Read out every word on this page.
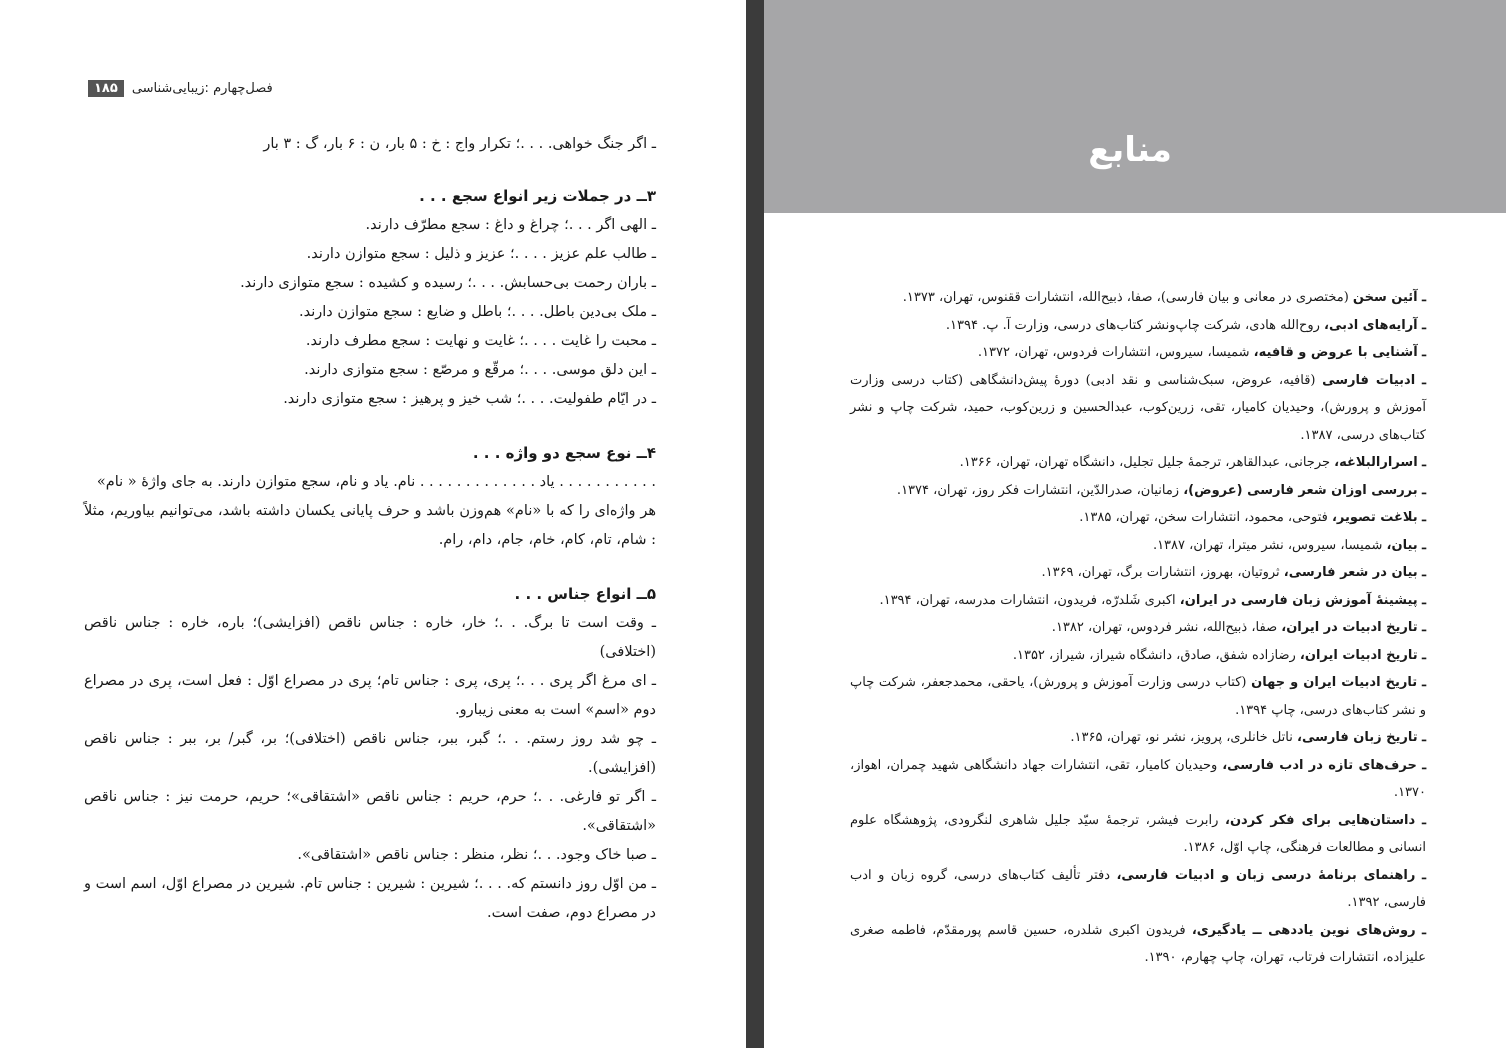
۱۸۵	فصل‌چهارم :زیبایی‌شناسی
ـ اگر جنگ خواهی. . . .؛ تکرار واج : خ : ۵ بار، ن : ۶ بار، گ : ۳ بار
۳ــ در جملات زیر انواع سجع . . .
ـ الهی اگر . . .؛ چراغ و داغ : سجع مطرّف دارند.
ـ طالب علم عزیز . . . .؛ عزیز و ذلیل : سجع متوازن دارند.
ـ باران رحمت بی‌حسابش. . . .؛ رسیده و کشیده : سجع متوازی دارند.
ـ ملک بی‌دین باطل. . . .؛ باطل و ضایع : سجع متوازن دارند.
ـ محبت را غایت . . . .؛ غایت و نهایت : سجع مطرف دارند.
ـ این دلق موسی. . . .؛ مرقّع و مرصّع : سجع متوازی دارند.
ـ در ایّام طفولیت. . . .؛ شب خیز و پرهیز : سجع متوازی دارند.
۴ــ نوع سجع دو واژه . . .
. . . . . . . . . . . یاد . . . . . . . . . . . . . نام. یاد و نام، سجع متوازن دارند. به جای واژهٔ « نام»
هر واژه‌ای را که با «نام» هم‌وزن باشد و حرف پایانی یکسان داشته باشد، می‌توانیم بیاوریم، مثلاً : شام، تام، کام، خام، جام، دام، رام.
۵ــ انواع جناس . . .
ـ وقت است تا برگ. . .؛ خار، خاره : جناس ناقص (افزایشی)؛ باره، خاره : جناس ناقص (اختلافی)
ـ ای مرغ اگر پری . . .؛ پری، پری : جناس تام؛ پری در مصراع اوّل : فعل است، پری در مصراع دوم «اسم» است به معنی زیبارو.
ـ چو شد روز رستم. . .؛ گبر، ببر، جناس ناقص (اختلافی)؛ بر، گبر/ بر، ببر : جناس ناقص (افزایشی).
ـ اگر تو فارغی. . .؛ حرم، حریم : جناس ناقص «اشتقاقی»؛ حریم، حرمت نیز : جناس ناقص «اشتقاقی».
ـ صبا خاک وجود. . .؛ نظر، منظر : جناس ناقص «اشتقاقی».
ـ من اوّل روز دانستم که. . . .؛ شیرین : شیرین : جناس تام. شیرین در مصراع اوّل، اسم است و در مصراع دوم، صفت است.
منابع
ـ آئین سخن (مختصری در معانی و بیان فارسی)، صفا، ذبیح‌الله، انتشارات ققنوس، تهران، ۱۳۷۳.
ـ آرایه‌های ادبی، روح‌الله هادی، شرکت چاپ‌ونشر کتاب‌های درسی، وزارت آ. پ. ۱۳۹۴.
ـ آشنایی با عروض و قافیه، شمیسا، سیروس، انتشارات فردوس، تهران، ۱۳۷۲.
ـ ادبیات فارسی (قافیه، عروض، سبک‌شناسی و نقد ادبی) دورهٔ پیش‌دانشگاهی (کتاب درسی وزارت آموزش و پرورش)، وحیدیان کامیار، تقی، زرین‌کوب، عبدالحسین و زرین‌کوب، حمید، شرکت چاپ و نشر کتاب‌های درسی، ۱۳۸۷.
ـ اسرارالبلاغه، جرجانی، عبدالقاهر، ترجمهٔ جلیل تجلیل، دانشگاه تهران، تهران، ۱۳۶۶.
ـ بررسی اوزان شعر فارسی (عروض)، زمانیان، صدرالدّین، انتشارات فکر روز، تهران، ۱۳۷۴.
ـ بلاغت تصویر، فتوحی، محمود، انتشارات سخن، تهران، ۱۳۸۵.
ـ بیان، شمیسا، سیروس، نشر میترا، تهران، ۱۳۸۷.
ـ بیان در شعر فارسی، ثروتیان، بهروز، انتشارات برگ، تهران، ۱۳۶۹.
ـ پیشینهٔ آموزش زبان فارسی در ایران، اکبری شَلدرّه، فریدون، انتشارات مدرسه، تهران، ۱۳۹۴.
ـ تاریخ ادبیات در ایران، صفا، ذبیح‌الله، نشر فردوس، تهران، ۱۳۸۲.
ـ تاریخ ادبیات ایران، رضازاده شفق، صادق، دانشگاه شیراز، شیراز، ۱۳۵۲.
ـ تاریخ ادبیات ایران و جهان (کتاب درسی وزارت آموزش و پرورش)، یاحقی، محمدجعفر، شرکت چاپ و نشر کتاب‌های درسی، چاپ ۱۳۹۴.
ـ تاریخ زبان فارسی، ناتل خانلری، پرویز، نشر نو، تهران، ۱۳۶۵.
ـ حرف‌های تازه در ادب فارسی، وحیدیان کامیار، تقی، انتشارات جهاد دانشگاهی شهید چمران، اهواز، ۱۳۷۰.
ـ داستان‌هایی برای فکر کردن، رابرت فیشر، ترجمهٔ سیّد جلیل شاهری لنگرودی، پژوهشگاه علوم انسانی و مطالعات فرهنگی، چاپ اوّل، ۱۳۸۶.
ـ راهنمای برنامهٔ درسی زبان و ادبیات فارسی، دفتر تألیف کتاب‌های درسی، گروه زبان و ادب فارسی، ۱۳۹۲.
ـ روش‌های نوین یاددهی ــ یادگیری، فریدون اکبری شلدره، حسین قاسم پورمقدّم، فاطمه صغری علیزاده، انتشارات فرتاب، تهران، چاپ چهارم، ۱۳۹۰.
